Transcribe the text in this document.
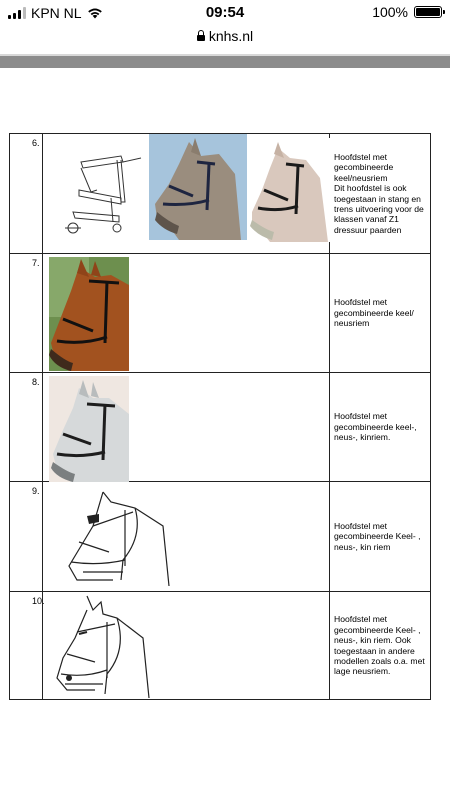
KPN NL	09:54	100%
knhs.nl
6.		Hoofdstel met gecombineerde keel/neusriem
Dit hoofdstel is ook toegestaan in stang en trens uitvoering voor de klassen vanaf Z1 dressuur paarden
7.		Hoofdstel met gecombineerde keel/ neusriem
8.		Hoofdstel met gecombineerde keel-, neus-, kinriem.
9.		Hoofdstel met gecombineerde Keel- , neus-, kin riem
10.		Hoofdstel met gecombineerde Keel- , neus-, kin riem. Ook toegestaan in andere modellen zoals o.a. met lage neusriem.
